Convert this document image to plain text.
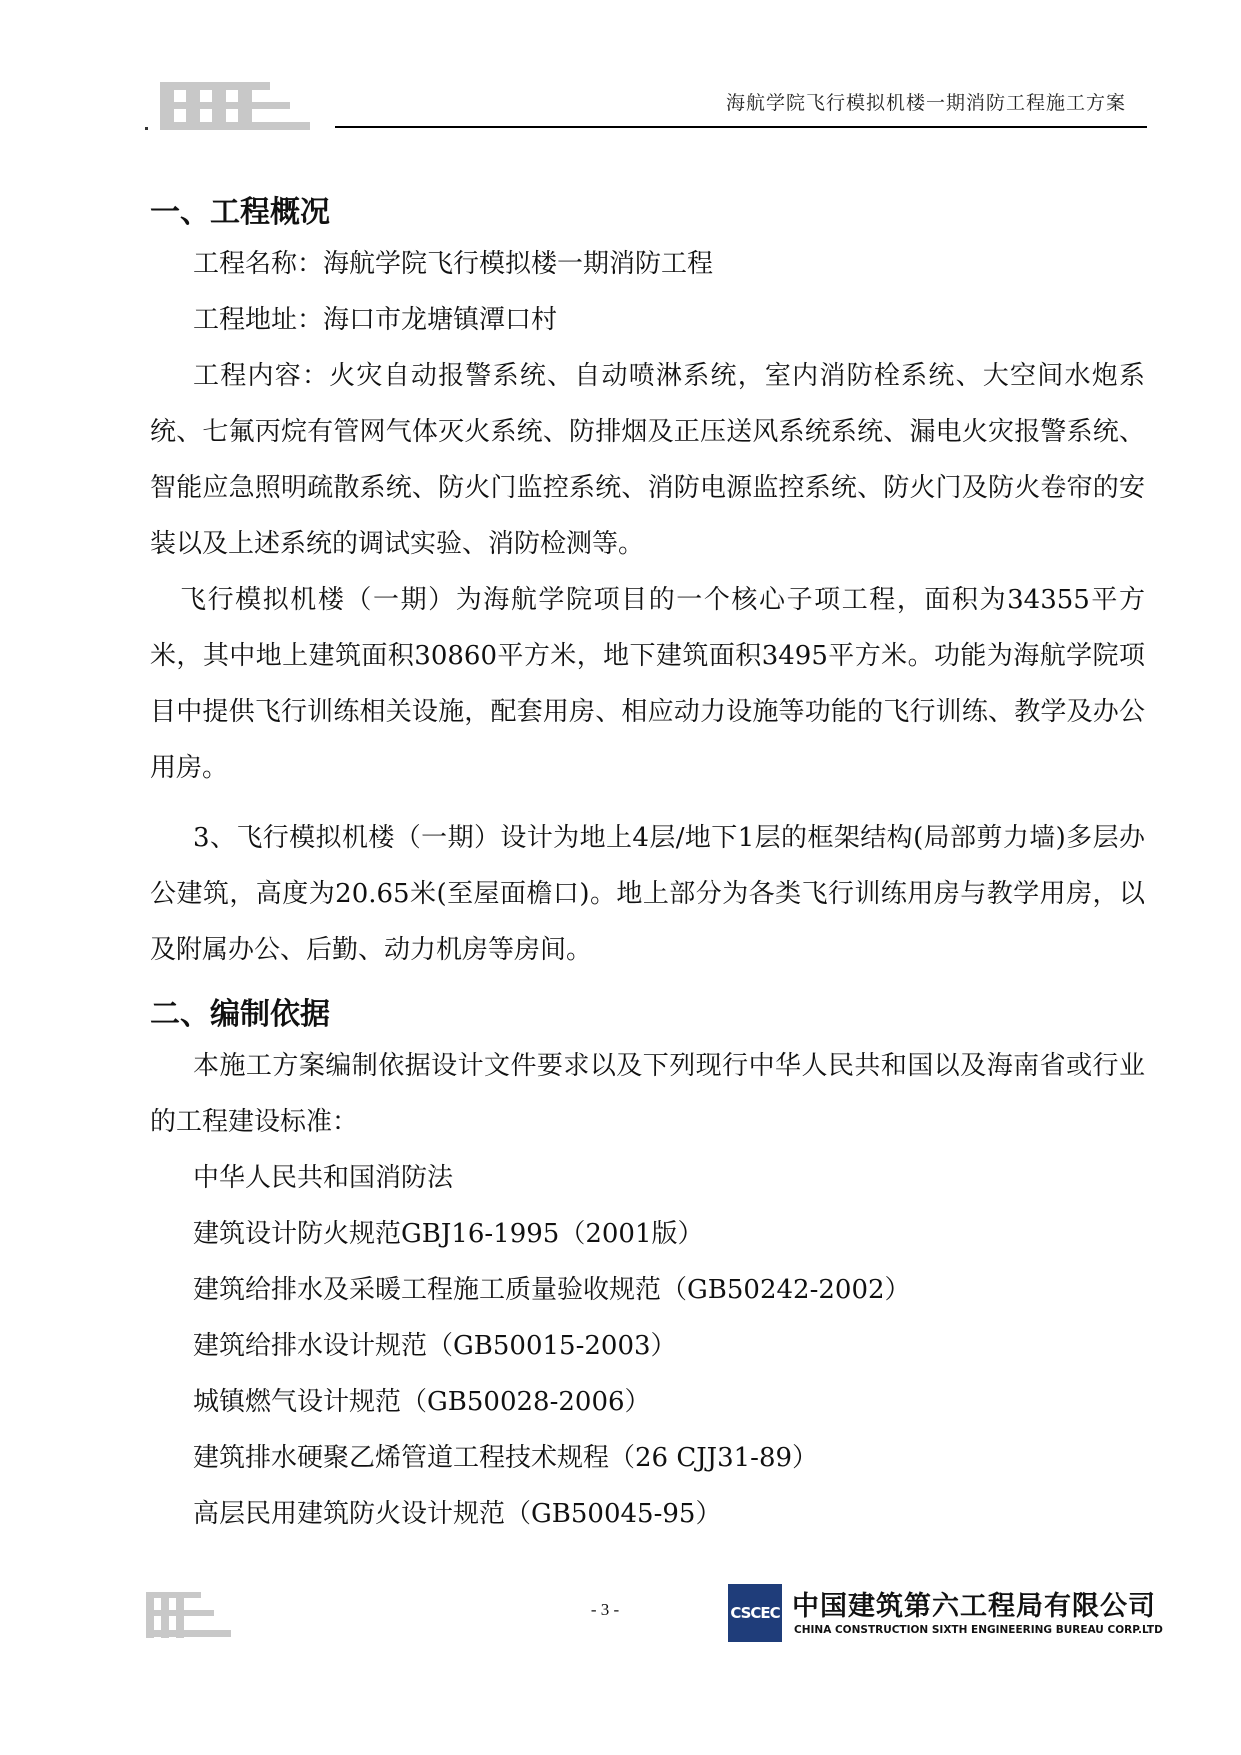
海航学院飞行模拟机楼一期消防工程施工方案
一、工程概况

工程名称：海航学院飞行模拟楼一期消防工程

工程地址：海口市龙塘镇潭口村

工程内容：火灾自动报警系统、自动喷淋系统，室内消防栓系统、大空间水炮系统、七氟丙烷有管网气体灭火系统、防排烟及正压送风系统系统、漏电火灾报警系统、智能应急照明疏散系统、防火门监控系统、消防电源监控系统、防火门及防火卷帘的安装以及上述系统的调试实验、消防检测等。

飞行模拟机楼（一期）为海航学院项目的一个核心子项工程，面积为34355平方米，其中地上建筑面积30860平方米，地下建筑面积3495平方米。功能为海航学院项目中提供飞行训练相关设施，配套用房、相应动力设施等功能的飞行训练、教学及办公用房。

3、飞行模拟机楼（一期）设计为地上4层/地下1层的框架结构(局部剪力墙)多层办公建筑，高度为20.65米(至屋面檐口)。地上部分为各类飞行训练用房与教学用房，以及附属办公、后勤、动力机房等房间。

二、编制依据

本施工方案编制依据设计文件要求以及下列现行中华人民共和国以及海南省或行业的工程建设标准：

中华人民共和国消防法

建筑设计防火规范GBJ16-1995（2001版）

建筑给排水及采暖工程施工质量验收规范（GB50242-2002）

建筑给排水设计规范（GB50015-2003）

城镇燃气设计规范（GB50028-2006）

建筑排水硬聚乙烯管道工程技术规程（26 CJJ31-89）

高层民用建筑防火设计规范（GB50045-95）

- 3 -	CSCEC 中国建筑第六工程局有限公司
CHINA CONSTRUCTION SIXTH ENGINEERING BUREAU CORP.LTD
